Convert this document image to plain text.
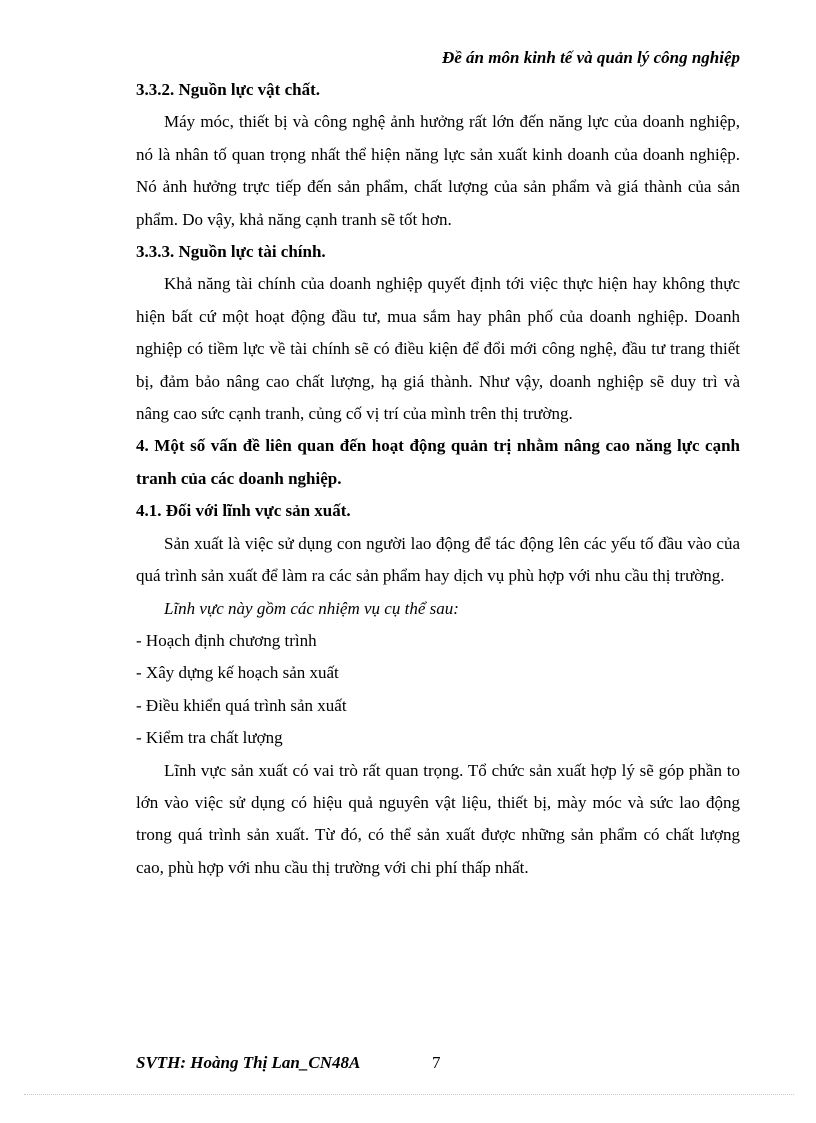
Đề án môn kinh tế và quản lý công nghiệp

3.3.2. Nguồn lực vật chất.

Máy móc, thiết bị và công nghệ ảnh hưởng rất lớn đến năng lực của doanh nghiệp, nó là nhân tố quan trọng nhất thể hiện năng lực sản xuất kinh doanh của doanh nghiệp. Nó ảnh hưởng trực tiếp đến sản phẩm, chất lượng của sản phẩm và giá thành của sản phẩm. Do vậy, khả năng cạnh tranh sẽ tốt hơn.

3.3.3. Nguồn lực tài chính.

Khả năng tài chính của doanh nghiệp quyết định tới việc thực hiện hay không thực hiện bất cứ một hoạt động đầu tư, mua sắm hay phân phố của doanh nghiệp. Doanh nghiệp có tiềm lực về tài chính sẽ có điều kiện để đổi mới công nghệ, đầu tư trang thiết bị, đảm bảo nâng cao chất lượng, hạ giá thành. Như vậy, doanh nghiệp sẽ duy trì và nâng cao sức cạnh tranh, củng cố vị trí của mình trên thị trường.

4. Một số vấn đề liên quan đến hoạt động quản trị nhằm nâng cao năng lực cạnh tranh của các doanh nghiệp.

4.1. Đối với lĩnh vực sản xuất.

Sản xuất là việc sử dụng con người lao động để tác động lên các yếu tố đầu vào của quá trình sản xuất để làm ra các sản phẩm hay dịch vụ phù hợp với nhu cầu thị trường.

Lĩnh vực này gồm các nhiệm vụ cụ thể sau:

- Hoạch định chương trình

- Xây dựng kế hoạch sản xuất

- Điều khiển quá trình sản xuất

- Kiểm tra chất lượng

Lĩnh vực sản xuất có vai trò rất quan trọng. Tổ chức sản xuất hợp lý sẽ góp phần to lớn vào việc sử dụng có hiệu quả nguyên vật liệu, thiết bị, mày móc và sức lao động trong quá trình sản xuất. Từ đó, có thể sản xuất được những sản phẩm có chất lượng cao, phù hợp với nhu cầu thị trường với chi phí thấp nhất.

SVTH: Hoàng Thị Lan_CN48A	7
